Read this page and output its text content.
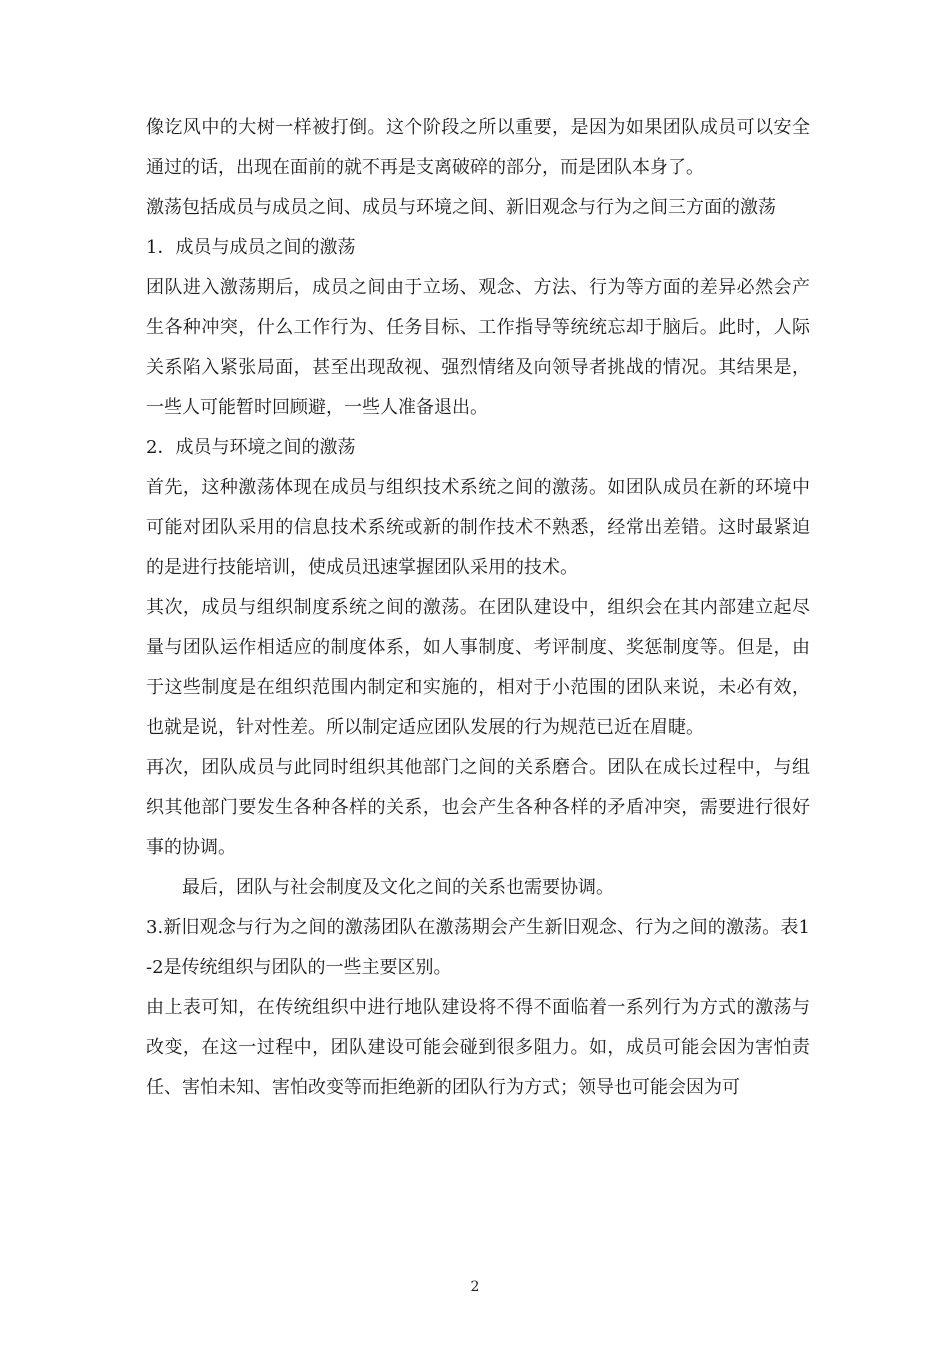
像讫风中的大树一样被打倒。这个阶段之所以重要，是因为如果团队成员可以安全通过的话，出现在面前的就不再是支离破碎的部分，而是团队本身了。

激荡包括成员与成员之间、成员与环境之间、新旧观念与行为之间三方面的激荡

1．成员与成员之间的激荡

团队进入激荡期后，成员之间由于立场、观念、方法、行为等方面的差异必然会产生各种冲突，什么工作行为、任务目标、工作指导等统统忘却于脑后。此时，人际关系陷入紧张局面，甚至出现敌视、强烈情绪及向领导者挑战的情况。其结果是，一些人可能暂时回顾避，一些人准备退出。

2．成员与环境之间的激荡

首先，这种激荡体现在成员与组织技术系统之间的激荡。如团队成员在新的环境中可能对团队采用的信息技术系统或新的制作技术不熟悉，经常出差错。这时最紧迫的是进行技能培训，使成员迅速掌握团队采用的技术。

其次，成员与组织制度系统之间的激荡。在团队建设中，组织会在其内部建立起尽量与团队运作相适应的制度体系，如人事制度、考评制度、奖惩制度等。但是，由于这些制度是在组织范围内制定和实施的，相对于小范围的团队来说，未必有效，也就是说，针对性差。所以制定适应团队发展的行为规范已近在眉睫。

再次，团队成员与此同时组织其他部门之间的关系磨合。团队在成长过程中，与组织其他部门要发生各种各样的关系，也会产生各种各样的矛盾冲突，需要进行很好事的协调。

最后，团队与社会制度及文化之间的关系也需要协调。

3.新旧观念与行为之间的激荡团队在激荡期会产生新旧观念、行为之间的激荡。表1-2是传统组织与团队的一些主要区别。

由上表可知，在传统组织中进行地队建设将不得不面临着一系列行为方式的激荡与改变，在这一过程中，团队建设可能会碰到很多阻力。如，成员可能会因为害怕责任、害怕未知、害怕改变等而拒绝新的团队行为方式；领导也可能会因为可

2
